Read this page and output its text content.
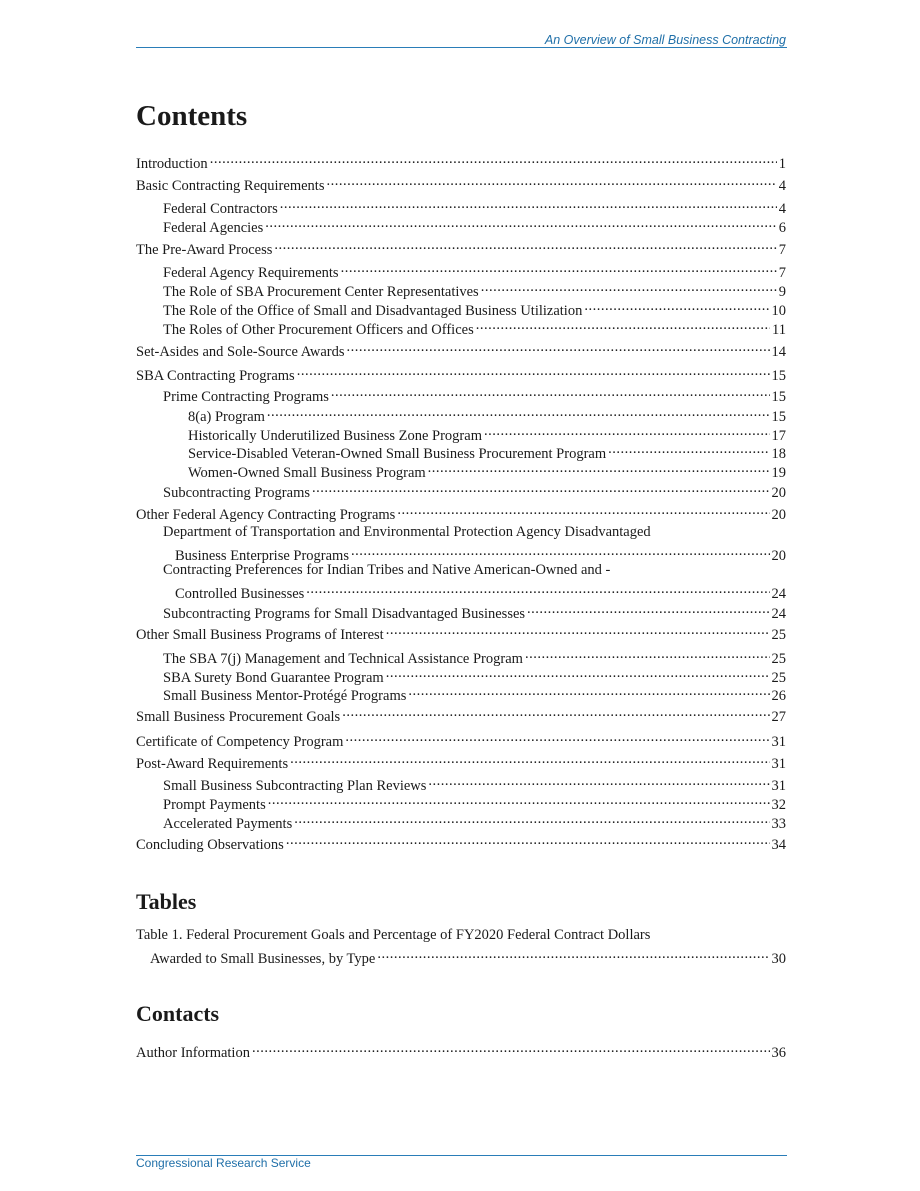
An Overview of Small Business Contracting
Contents
Introduction .....	1
Basic Contracting Requirements .....	4
Federal Contractors .....	4
Federal Agencies .....	6
The Pre-Award Process .....	7
Federal Agency Requirements .....	7
The Role of SBA Procurement Center Representatives .....	9
The Role of the Office of Small and Disadvantaged Business Utilization .....	10
The Roles of Other Procurement Officers and Offices .....	11
Set-Asides and Sole-Source Awards .....	14
SBA Contracting Programs .....	15
Prime Contracting Programs .....	15
8(a) Program .....	15
Historically Underutilized Business Zone Program .....	17
Service-Disabled Veteran-Owned Small Business Procurement Program .....	18
Women-Owned Small Business Program .....	19
Subcontracting Programs .....	20
Other Federal Agency Contracting Programs .....	20
Department of Transportation and Environmental Protection Agency Disadvantaged
Business Enterprise Programs .....	20
Contracting Preferences for Indian Tribes and Native American-Owned and -
Controlled Businesses .....	24
Subcontracting Programs for Small Disadvantaged Businesses .....	24
Other Small Business Programs of Interest .....	25
The SBA 7(j) Management and Technical Assistance Program .....	25
SBA Surety Bond Guarantee Program .....	25
Small Business Mentor-Protégé Programs .....	26
Small Business Procurement Goals .....	27
Certificate of Competency Program .....	31
Post-Award Requirements .....	31
Small Business Subcontracting Plan Reviews .....	31
Prompt Payments .....	32
Accelerated Payments .....	33
Concluding Observations .....	34
Tables
Table 1. Federal Procurement Goals and Percentage of FY2020 Federal Contract Dollars
Awarded to Small Businesses, by Type .....	30
Contacts
Author Information .....	36
Congressional Research Service
